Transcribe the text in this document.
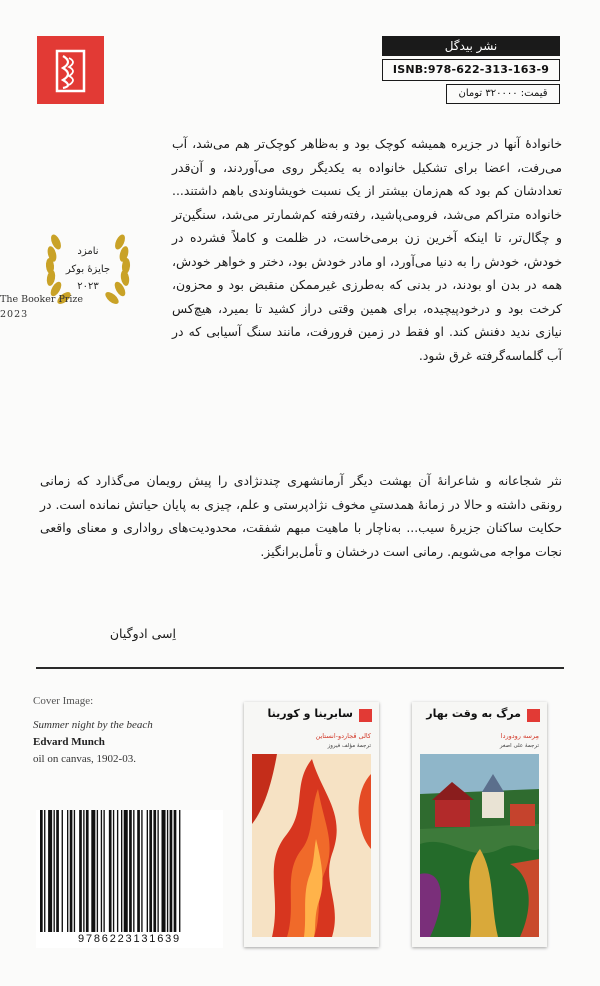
نشر بیدگل
ISNB:978-622-313-163-9
قیمت: ۳۲۰۰۰۰ تومان

خانوادۀ آنها در جزیره همیشه کوچک بود و به‌ظاهر کوچک‌تر هم می‌شد، آب می‌رفت، اعضا برای تشکیل خانواده به یکدیگر روی می‌آوردند، و آن‌قدر تعدادشان کم بود که هم‌زمان بیشتر از یک نسبت خویشاوندی باهم داشتند... خانواده متراکم می‌شد، فرومی‌پاشید، رفته‌رفته کم‌شمارتر می‌شد، سنگین‌تر و چگال‌تر، تا اینکه آخرین زن برمی‌خاست، در ظلمت و کاملاً فشرده در خودش، خودش را به دنیا می‌آورد، او مادر خودش بود، دختر و خواهر خودش، همه در بدن او بودند، در بدنی که به‌طرزی غیرممکن منقبض بود و محزون، کرخت بود و درخودپیچیده، برای همین وقتی دراز کشید تا بمیرد، هیچ‌کس نیازی ندید دفنش کند. او فقط در زمین فرورفت، مانند سنگ آسیابی که در آب گلماسه‌گرفته غرق شود.

نامزد
جایزۀ بوکر
۲۰۲۳
The Booker Prize
2023

نثر شجاعانه و شاعرانۀ آن بهشت دیگر آرمانشهری چندنژادی را پیش رویمان می‌گذارد که زمانی رونقی داشته و حالا در زمانۀ همدستیِ مخوف نژادپرستی و علم، چیزی به پایان حیاتش نمانده است. در حکایت ساکنان جزیرۀ سیب... به‌ناچار با ماهیت مبهم شفقت، محدودیت‌های رواداری و معنای واقعی نجات مواجه می‌شویم. رمانی است درخشان و تأمل‌برانگیز.

اِسی ادوگیان
Cover Image:
Summer night by the beach
Edvard Munch
oil on canvas, 1902-03.
9786223131639
سابرینا و کورینا
کالی فَجاردو-انستاین
ترجمهٔ مؤلف فیروز
مرگ به وقت بهار
مِرسه رودوردا
ترجمهٔ علی اصغر
